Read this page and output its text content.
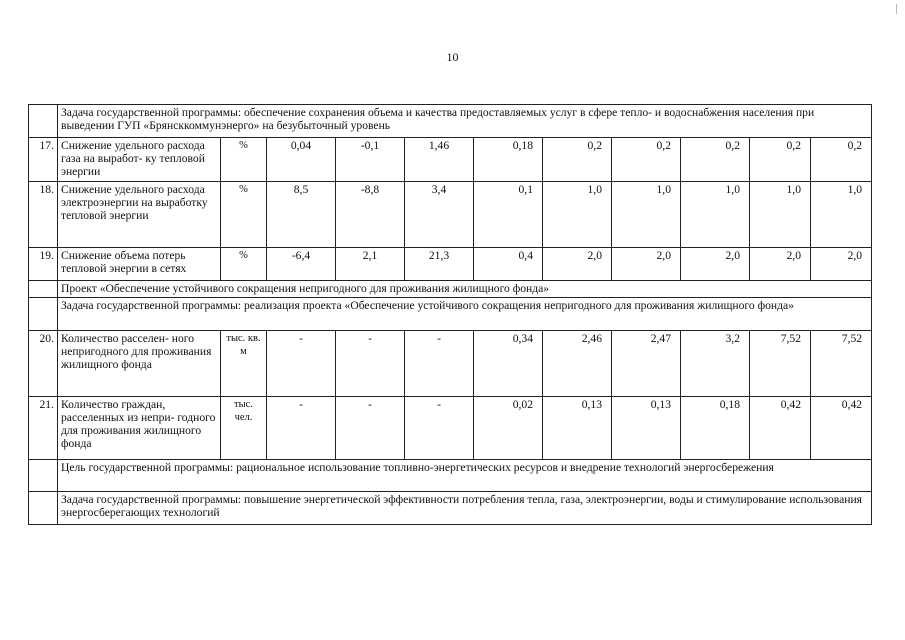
10
	Задача государственной программы: обеспечение сохранения объема и качества предоставляемых услуг в сфере тепло- и водоснабжения населения при выведении ГУП «Брянсккоммунэнерго» на безубыточный уровень										
17.	Снижение удельного расхода газа на выработ- ку тепловой энергии	%	0,04	-0,1	1,46	0,18	0,2	0,2	0,2	0,2	0,2
18.	Снижение удельного расхода электроэнергии на выработку тепловой энергии	%	8,5	-8,8	3,4	0,1	1,0	1,0	1,0	1,0	1,0
19.	Снижение объема потерь тепловой энергии в сетях	%	-6,4	2,1	21,3	0,4	2,0	2,0	2,0	2,0	2,0
	Проект «Обеспечение устойчивого сокращения непригодного для проживания жилищного фонда»										
	Задача государственной программы: реализация проекта «Обеспечение устойчивого сокращения непригодного для проживания жилищного фонда»										
20.	Количество расселен- ного непригодного для проживания жилищного фонда	тыс. кв. м	-	-	-	0,34	2,46	2,47	3,2	7,52	7,52
21.	Количество граждан, расселенных из непри- годного для проживания жилищного фонда	тыс. чел.	-	-	-	0,02	0,13	0,13	0,18	0,42	0,42
	Цель государственной программы: рациональное использование топливно-энергетических ресурсов и внедрение технологий энергосбережения										
	Задача государственной программы: повышение энергетической эффективности потребления тепла, газа, электроэнергии, воды и стимулирование использования энергосберегающих технологий										
